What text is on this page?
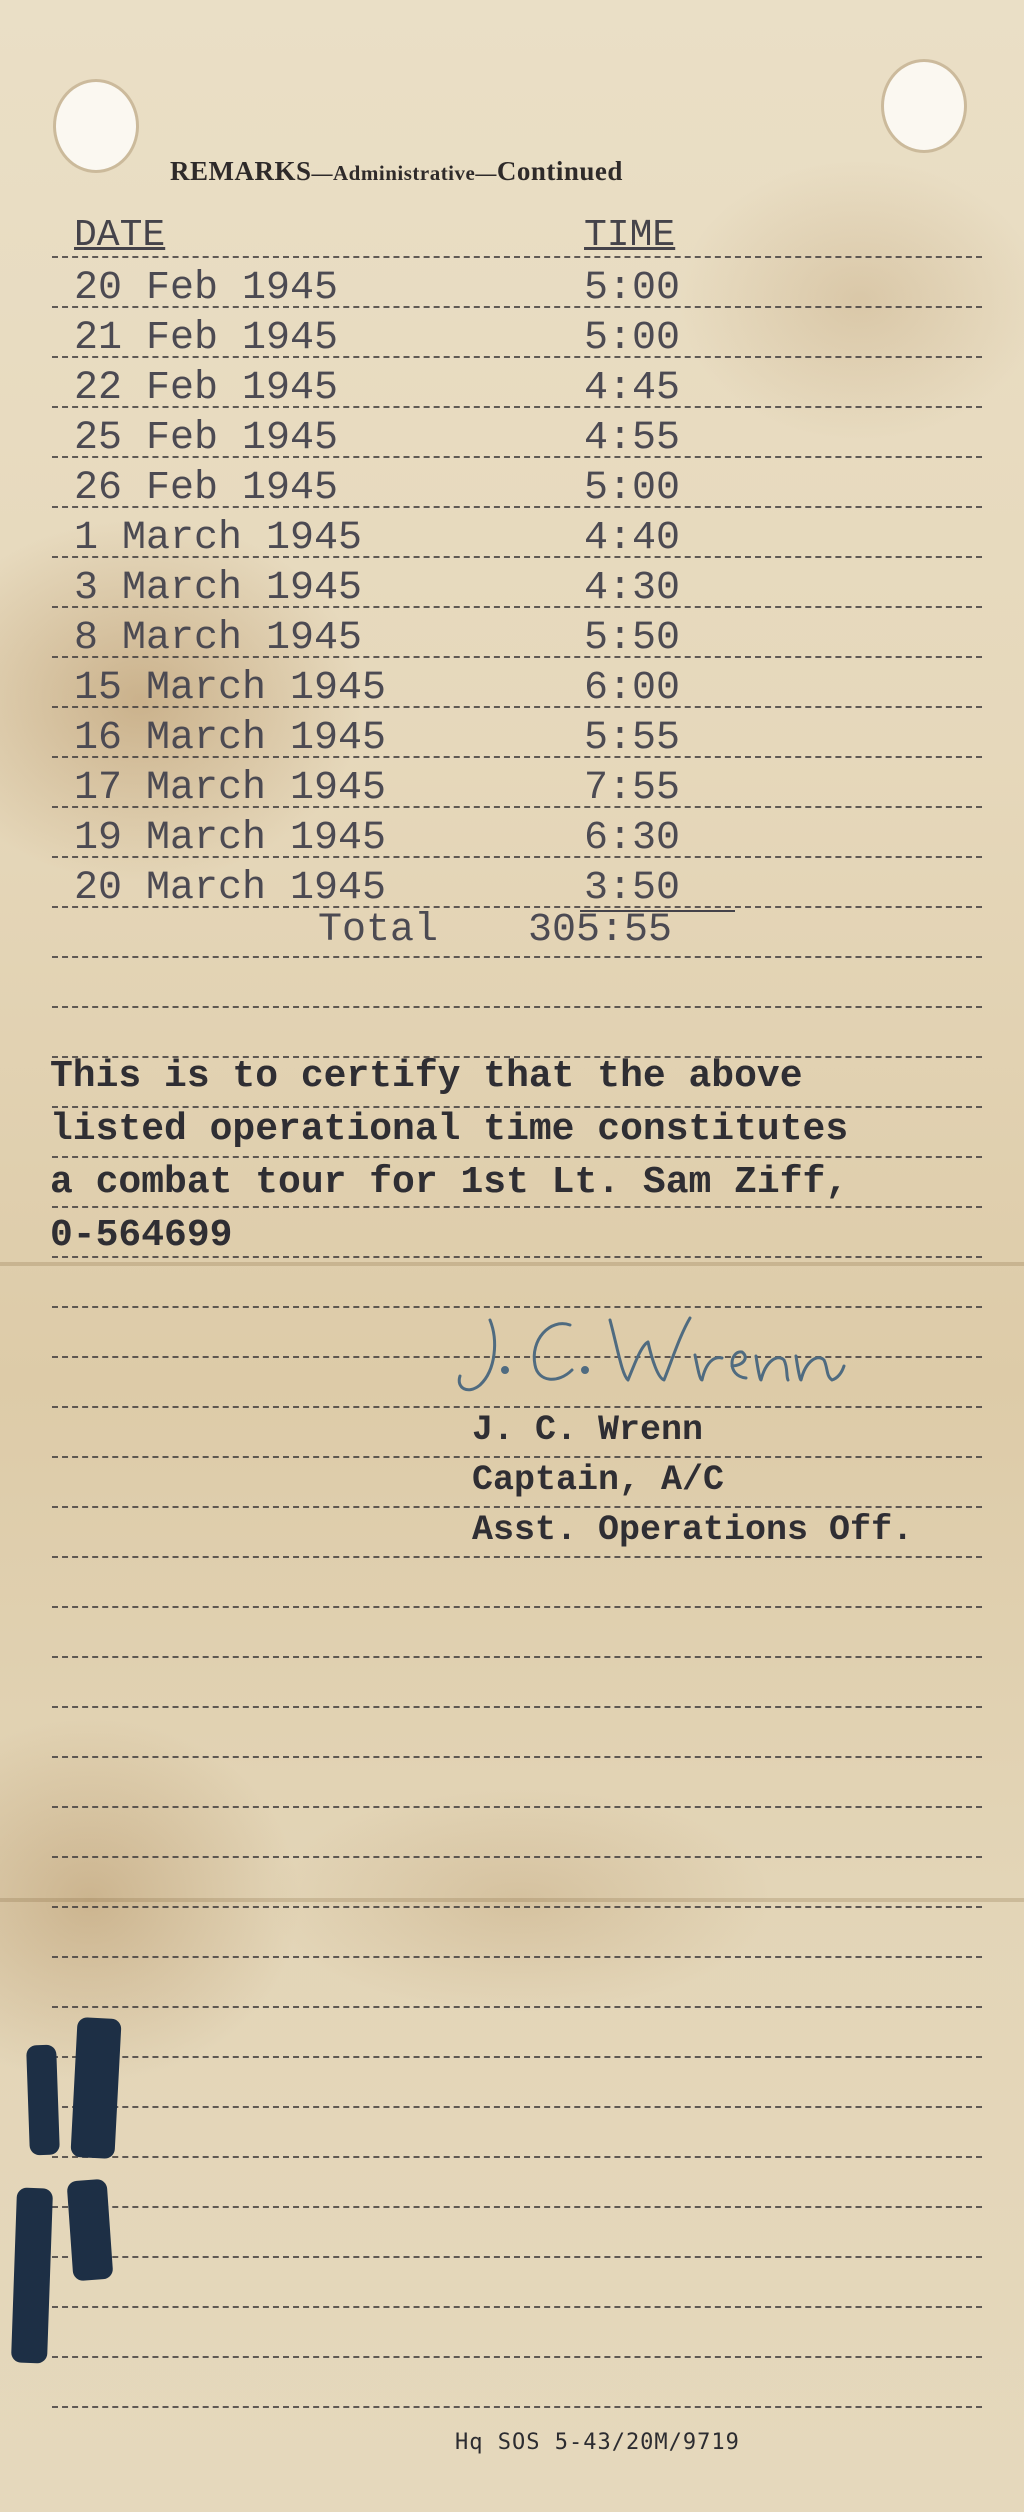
REMARKS—Administrative—Continued
DATE	TIME
20 Feb 1945	5:00
21 Feb 1945	5:00
22 Feb 1945	4:45
25 Feb 1945	4:55
26 Feb 1945	5:00
1 March 1945	4:40
3 March 1945	4:30
8 March 1945	5:50
15 March 1945	6:00
16 March 1945	5:55
17 March 1945	7:55
19 March 1945	6:30
20 March 1945	3:50
Total 305:55
This is to certify that the above
listed operational time constitutes
a combat tour for 1st Lt. Sam Ziff,
0-564699
J. C. Wrenn
Captain, A/C
Asst. Operations Off.
Hq SOS 5-43/20M/9719
